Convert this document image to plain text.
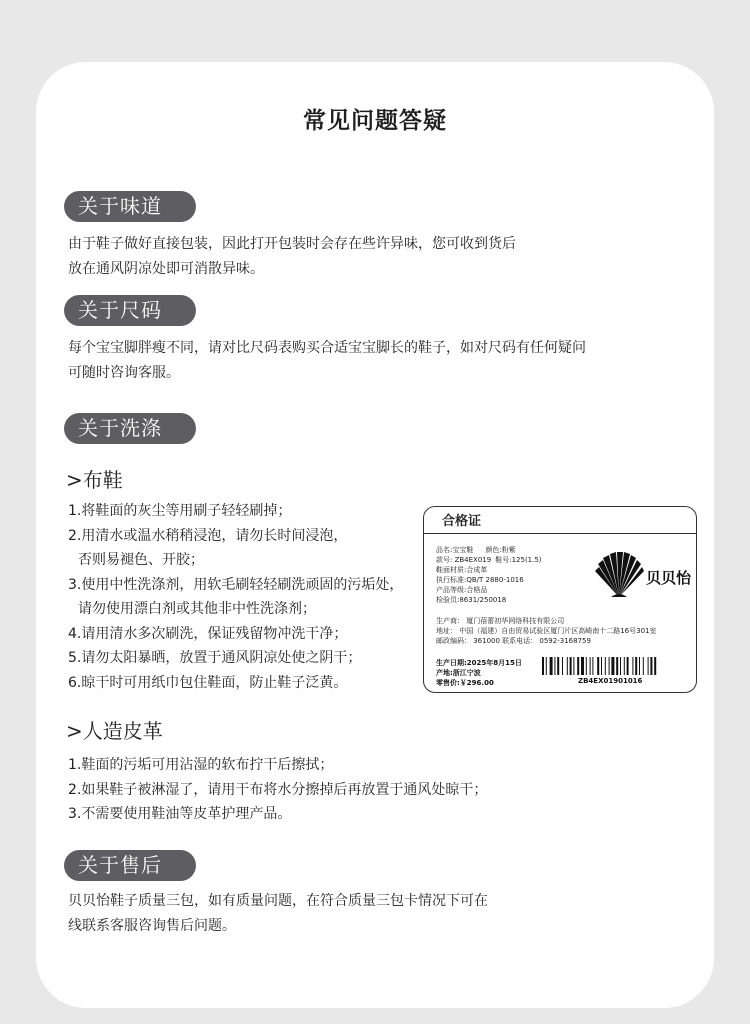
常见问题答疑
关于味道
由于鞋子做好直接包装，因此打开包装时会存在些许异味，您可收到货后
放在通风阴凉处即可消散异味。
关于尺码
每个宝宝脚胖瘦不同，请对比尺码表购买合适宝宝脚长的鞋子，如对尺码有任何疑问
可随时咨询客服。
关于洗涤
>布鞋
1.将鞋面的灰尘等用刷子轻轻刷掉；
2.用清水或温水稍稍浸泡，请勿长时间浸泡，
否则易褪色、开胶；
3.使用中性洗涤剂，用软毛刷轻轻刷洗顽固的污垢处，
请勿使用漂白剂或其他非中性洗涤剂；
4.请用清水多次刷洗，保证残留物冲洗干净；
5.请勿太阳暴晒，放置于通风阴凉处使之阴干；
6.晾干时可用纸巾包住鞋面，防止鞋子泛黄。
>人造皮革
1.鞋面的污垢可用沾湿的软布拧干后擦拭；
2.如果鞋子被淋湿了，请用干布将水分擦掉后再放置于通风处晾干；
3.不需要使用鞋油等皮革护理产品。
关于售后
贝贝怡鞋子质量三包，如有质量问题，在符合质量三包卡情况下可在
线联系客服咨询售后问题。
合格证
品名:宝宝鞋 颜色:粉紫
款号: ZB4EX019 鞋号:125(1.5)
鞋面材质:合成革
执行标准:QB/T 2880-1016
产品等级:合格品
检验员:8631/250018
贝贝怡
生产商： 厦门蓓蕾初华网络科技有限公司
地址： 中国（福建）自由贸易试验区厦门片区高崎南十二路16号301室
邮政编码： 361000 联系电话： 0592-3168759
生产日期:2025年8月15日
产地:浙江宁波
零售价:￥296.00	ZB4EX01901016
